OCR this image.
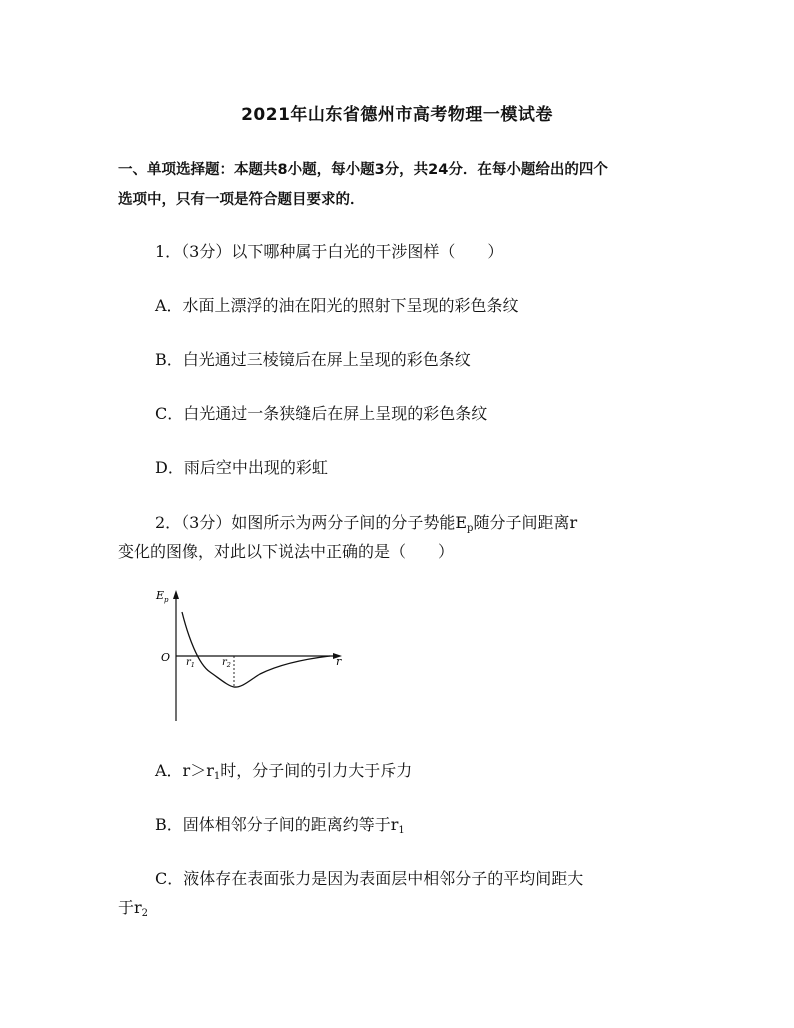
2021年山东省德州市高考物理一模试卷
一、单项选择题：本题共8小题，每小题3分，共24分．在每小题给出的四个
选项中，只有一项是符合题目要求的．
1．（3分）以下哪种属于白光的干涉图样（　　）
A．水面上漂浮的油在阳光的照射下呈现的彩色条纹
B．白光通过三棱镜后在屏上呈现的彩色条纹
C．白光通过一条狭缝后在屏上呈现的彩色条纹
D．雨后空中出现的彩虹
2．（3分）如图所示为两分子间的分子势能$E_p$随分子间距离r
变化的图像，对此以下说法中正确的是（　　）
$E_p$
O	r
$r_1$	$r_2$
A．$r>r_1$时，分子间的引力大于斥力
B．固体相邻分子间的距离约等于$r_1$
C．液体存在表面张力是因为表面层中相邻分子的平均间距大
于$r_2$
